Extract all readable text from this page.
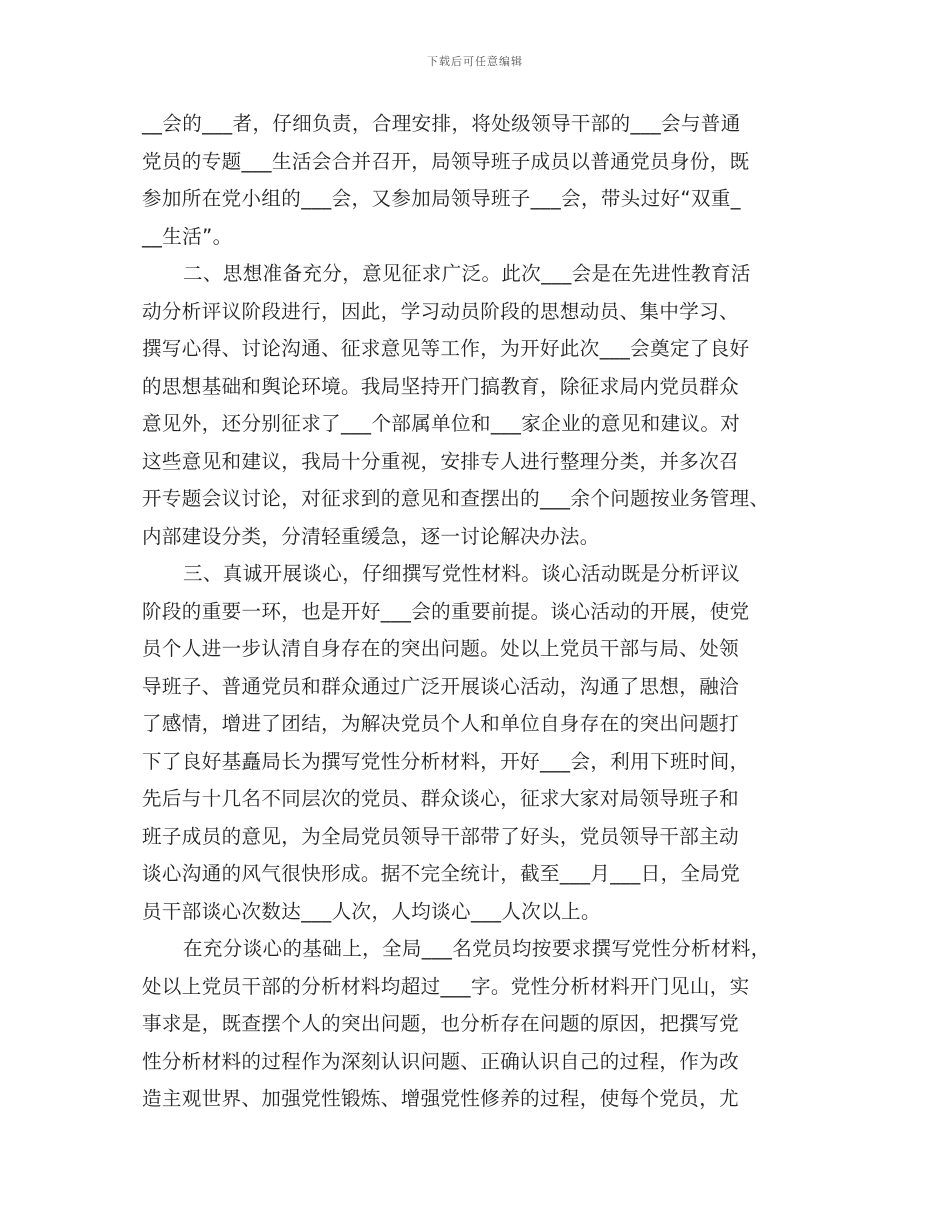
下载后可任意编辑
__会的___者，仔细负责，合理安排，将处级领导干部的___会与普通
党员的专题___生活会合并召开，局领导班子成员以普通党员身份，既
参加所在党小组的___会，又参加局领导班子___会，带头过好“双重_
__生活”。
二、思想准备充分，意见征求广泛。此次___会是在先进性教育活
动分析评议阶段进行，因此，学习动员阶段的思想动员、集中学习、
撰写心得、讨论沟通、征求意见等工作，为开好此次___会奠定了良好
的思想基础和舆论环境。我局坚持开门搞教育，除征求局内党员群众
意见外，还分别征求了___个部属单位和___家企业的意见和建议。对
这些意见和建议，我局十分重视，安排专人进行整理分类，并多次召
开专题会议讨论，对征求到的意见和查摆出的___余个问题按业务管理、
内部建设分类，分清轻重缓急，逐一讨论解决办法。
三、真诚开展谈心，仔细撰写党性材料。谈心活动既是分析评议
阶段的重要一环，也是开好___会的重要前提。谈心活动的开展，使党
员个人进一步认清自身存在的突出问题。处以上党员干部与局、处领
导班子、普通党员和群众通过广泛开展谈心活动，沟通了思想，融洽
了感情，增进了团结，为解决党员个人和单位自身存在的突出问题打
下了良好基矗局长为撰写党性分析材料，开好___会，利用下班时间，
先后与十几名不同层次的党员、群众谈心，征求大家对局领导班子和
班子成员的意见，为全局党员领导干部带了好头，党员领导干部主动
谈心沟通的风气很快形成。据不完全统计，截至___月___日，全局党
员干部谈心次数达___人次，人均谈心___人次以上。
在充分谈心的基础上，全局___名党员均按要求撰写党性分析材料，
处以上党员干部的分析材料均超过___字。党性分析材料开门见山，实
事求是，既查摆个人的突出问题，也分析存在问题的原因，把撰写党
性分析材料的过程作为深刻认识问题、正确认识自己的过程，作为改
造主观世界、加强党性锻炼、增强党性修养的过程，使每个党员，尤
